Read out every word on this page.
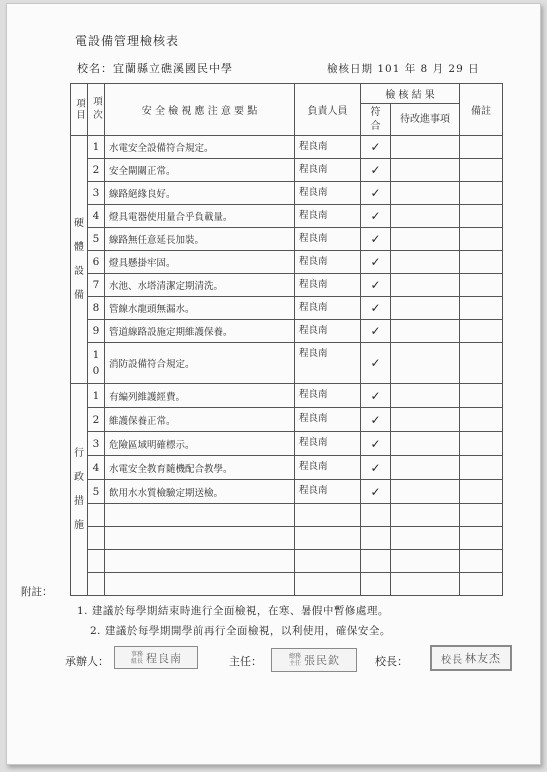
電設備管理檢核表
校名：宜蘭縣立礁溪國民中學	檢核日期 101 年 8 月 29 日
項目	項次	安 全 檢 視 應 注 意 要 點	負責人員	檢 核 結 果		備註

				符合	待改進事項	

硬 體 設 備	1	水電安全設備符合規定。	程良南	✓		

	2	安全閘關正常。	程良南	✓		

	3	線路絕緣良好。	程良南	✓		

	4	燈具電器使用量合乎負載量。	程良南	✓		

	5	線路無任意延長加裝。	程良南	✓		

	6	燈具懸掛牢固。	程良南	✓		

	7	水池、水塔清潔定期清洗。	程良南	✓		

	8	管線水龍頭無漏水。	程良南	✓		

	9	管道線路設施定期維護保養。	程良南	✓		

	10	消防設備符合規定。	程良南	✓		

行 政 措 施	1	有編列維護經費。	程良南	✓		

	2	維護保養正常。	程良南	✓		

	3	危險區域明確標示。	程良南	✓		

	4	水電安全教育隨機配合教學。	程良南	✓		

	5	飲用水水質檢驗定期送檢。	程良南	✓		

附註：
1. 建議於每學期結束時進行全面檢視，在寒、暑假中暫修處理。
2. 建議於每學期開學前再行全面檢視，以利使用，確保安全。
承辦人：
事務組長 程良南	主任：	總務主任 張民欽	校長：	校長 林友杰
